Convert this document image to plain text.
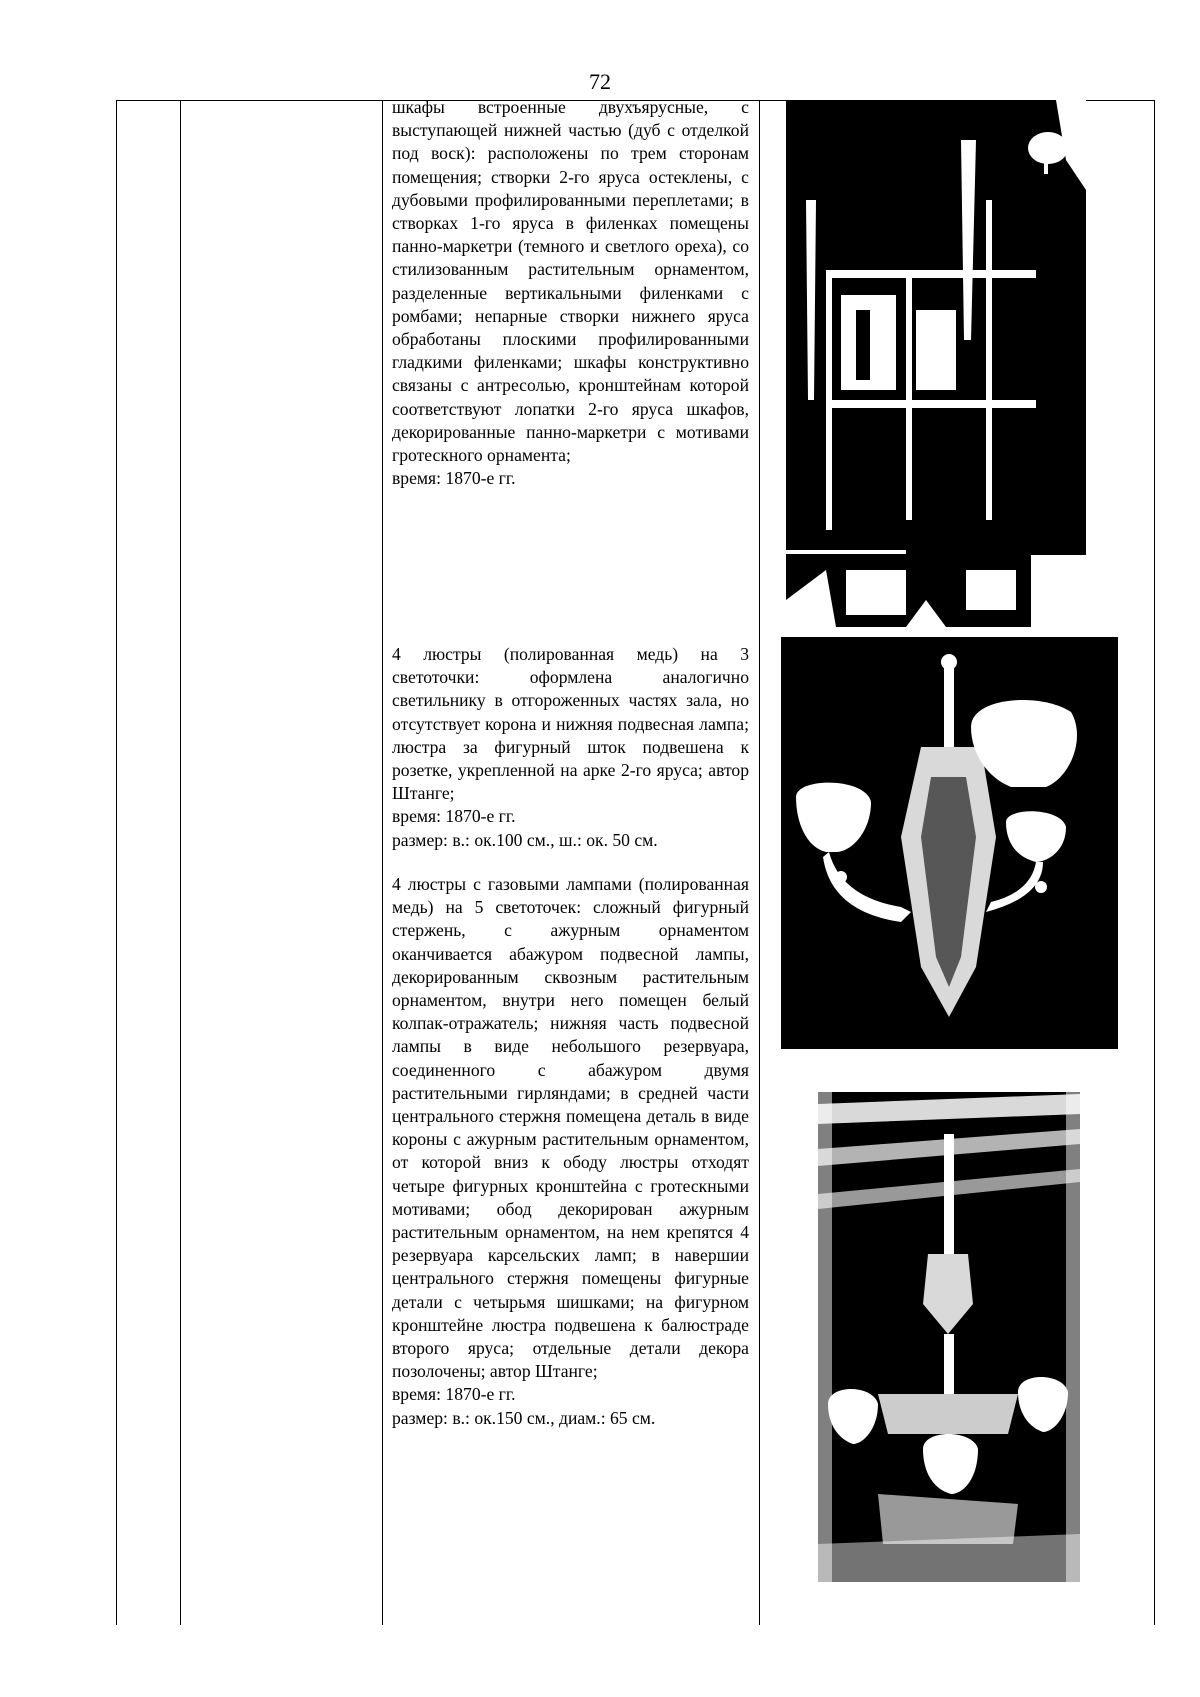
72

шкафы встроенные двухъярусные, с выступающей нижней частью (дуб с отделкой под воск): расположены по трем сторонам помещения; створки 2-го яруса остеклены, с дубовыми профилированными переплетами; в створках 1-го яруса в филенках помещены панно-маркетри (темного и светлого ореха), со стилизованным растительным орнаментом, разделенные вертикальными филенками с ромбами; непарные створки нижнего яруса обработаны плоскими профилированными гладкими филенками; шкафы конструктивно связаны с антресолью, кронштейнам которой соответствуют лопатки 2-го яруса шкафов, декорированные панно-маркетри с мотивами гротескного орнамента;

время: 1870-е гг.

4 люстры (полированная медь) на 3 светоточки: оформлена аналогично светильнику в отгороженных частях зала, но отсутствует корона и нижняя подвесная лампа; люстра за фигурный шток подвешена к розетке, укрепленной на арке 2-го яруса; автор Штанге;

время: 1870-е гг.

размер: в.: ок.100 см., ш.: ок. 50 см.

4 люстры с газовыми лампами (полированная медь) на 5 светоточек: сложный фигурный стержень, с ажурным орнаментом оканчивается абажуром подвесной лампы, декорированным сквозным растительным орнаментом, внутри него помещен белый колпак-отражатель; нижняя часть подвесной лампы в виде небольшого резервуара, соединенного с абажуром двумя растительными гирляндами; в средней части центрального стержня помещена деталь в виде короны с ажурным растительным орнаментом, от которой вниз к ободу люстры отходят четыре фигурных кронштейна с гротескными мотивами; обод декорирован ажурным растительным орнаментом, на нем крепятся 4 резервуара карсельских ламп; в навершии центрального стержня помещены фигурные детали с четырьмя шишками; на фигурном кронштейне люстра подвешена к балюстраде второго яруса; отдельные детали декора позолочены; автор Штанге;

время: 1870-е гг.

размер: в.: ок.150 см., диам.: 65 см.
